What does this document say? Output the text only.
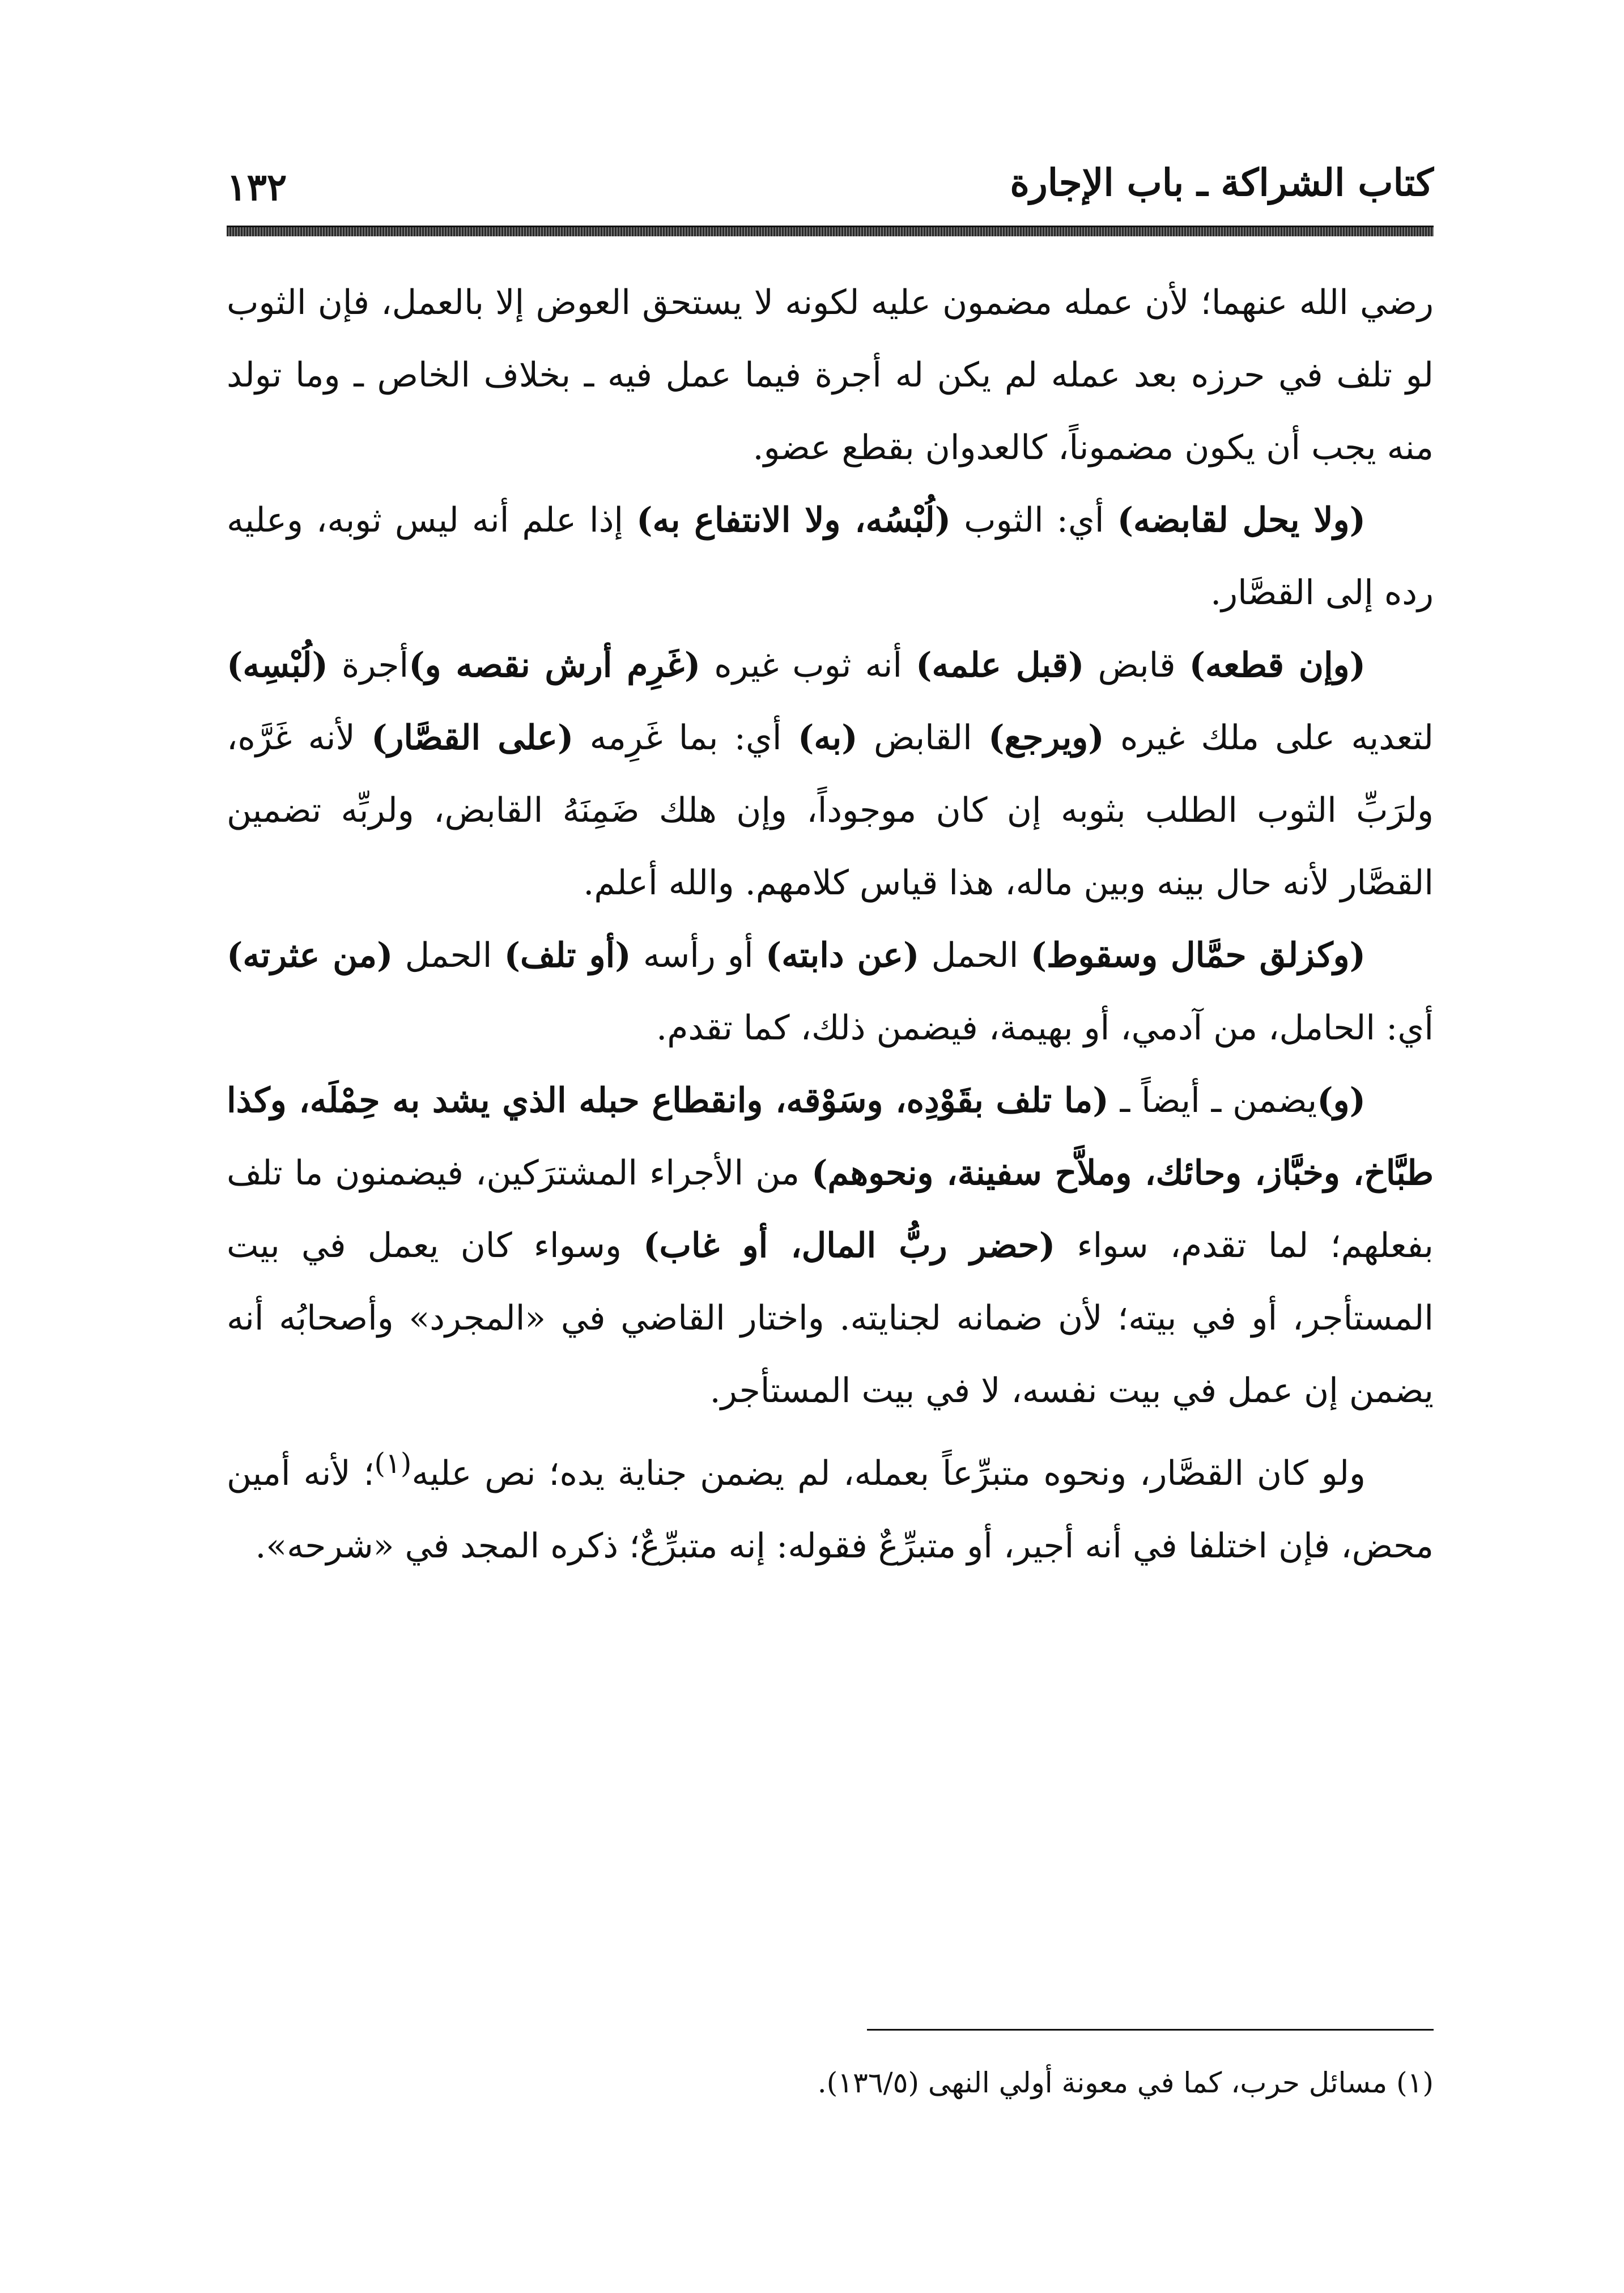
كتاب الشراكة ـ باب الإجارة
١٣٢

رضي الله عنهما؛ لأن عمله مضمون عليه لكونه لا يستحق العوض إلا بالعمل، فإن الثوب لو تلف في حرزه بعد عمله لم يكن له أجرة فيما عمل فيه ـ بخلاف الخاص ـ وما تولد منه يجب أن يكون مضموناً، كالعدوان بقطع عضو.

(ولا يحل لقابضه) أي: الثوب (لُبْسُه، ولا الانتفاع به) إذا علم أنه ليس ثوبه، وعليه رده إلى القصَّار.

(وإن قطعه) قابض (قبل علمه) أنه ثوب غيره (غَرِم أرش نقصه و)أجرة (لُبْسِه) لتعديه على ملك غيره (ويرجع) القابض (به) أي: بما غَرِمه (على القصَّار) لأنه غَرَّه، ولرَبِّ الثوب الطلب بثوبه إن كان موجوداً، وإن هلك ضَمِنَهُ القابض، ولربِّه تضمين القصَّار لأنه حال بينه وبين ماله، هذا قياس كلامهم. والله أعلم.

(وكزلق حمَّال وسقوط) الحمل (عن دابته) أو رأسه (أو تلف) الحمل (من عثرته) أي: الحامل، من آدمي، أو بهيمة، فيضمن ذلك، كما تقدم.

(و)يضمن ـ أيضاً ـ (ما تلف بقَوْدِه، وسَوْقه، وانقطاع حبله الذي يشد به حِمْلَه، وكذا طبَّاخ، وخبَّاز، وحائك، وملاَّح سفينة، ونحوهم) من الأجراء المشترَكين، فيضمنون ما تلف بفعلهم؛ لما تقدم، سواء (حضر ربُّ المال، أو غاب) وسواء كان يعمل في بيت المستأجر، أو في بيته؛ لأن ضمانه لجنايته. واختار القاضي في «المجرد» وأصحابُه أنه يضمن إن عمل في بيت نفسه، لا في بيت المستأجر.

ولو كان القصَّار، ونحوه متبرِّعاً بعمله، لم يضمن جناية يده؛ نص عليه$^{(١)}$؛ لأنه أمين محض، فإن اختلفا في أنه أجير، أو متبرِّعٌ فقوله: إنه متبرِّعٌ؛ ذكره المجد في «شرحه».

(١) مسائل حرب، كما في معونة أولي النهى (١٣٦/٥).
